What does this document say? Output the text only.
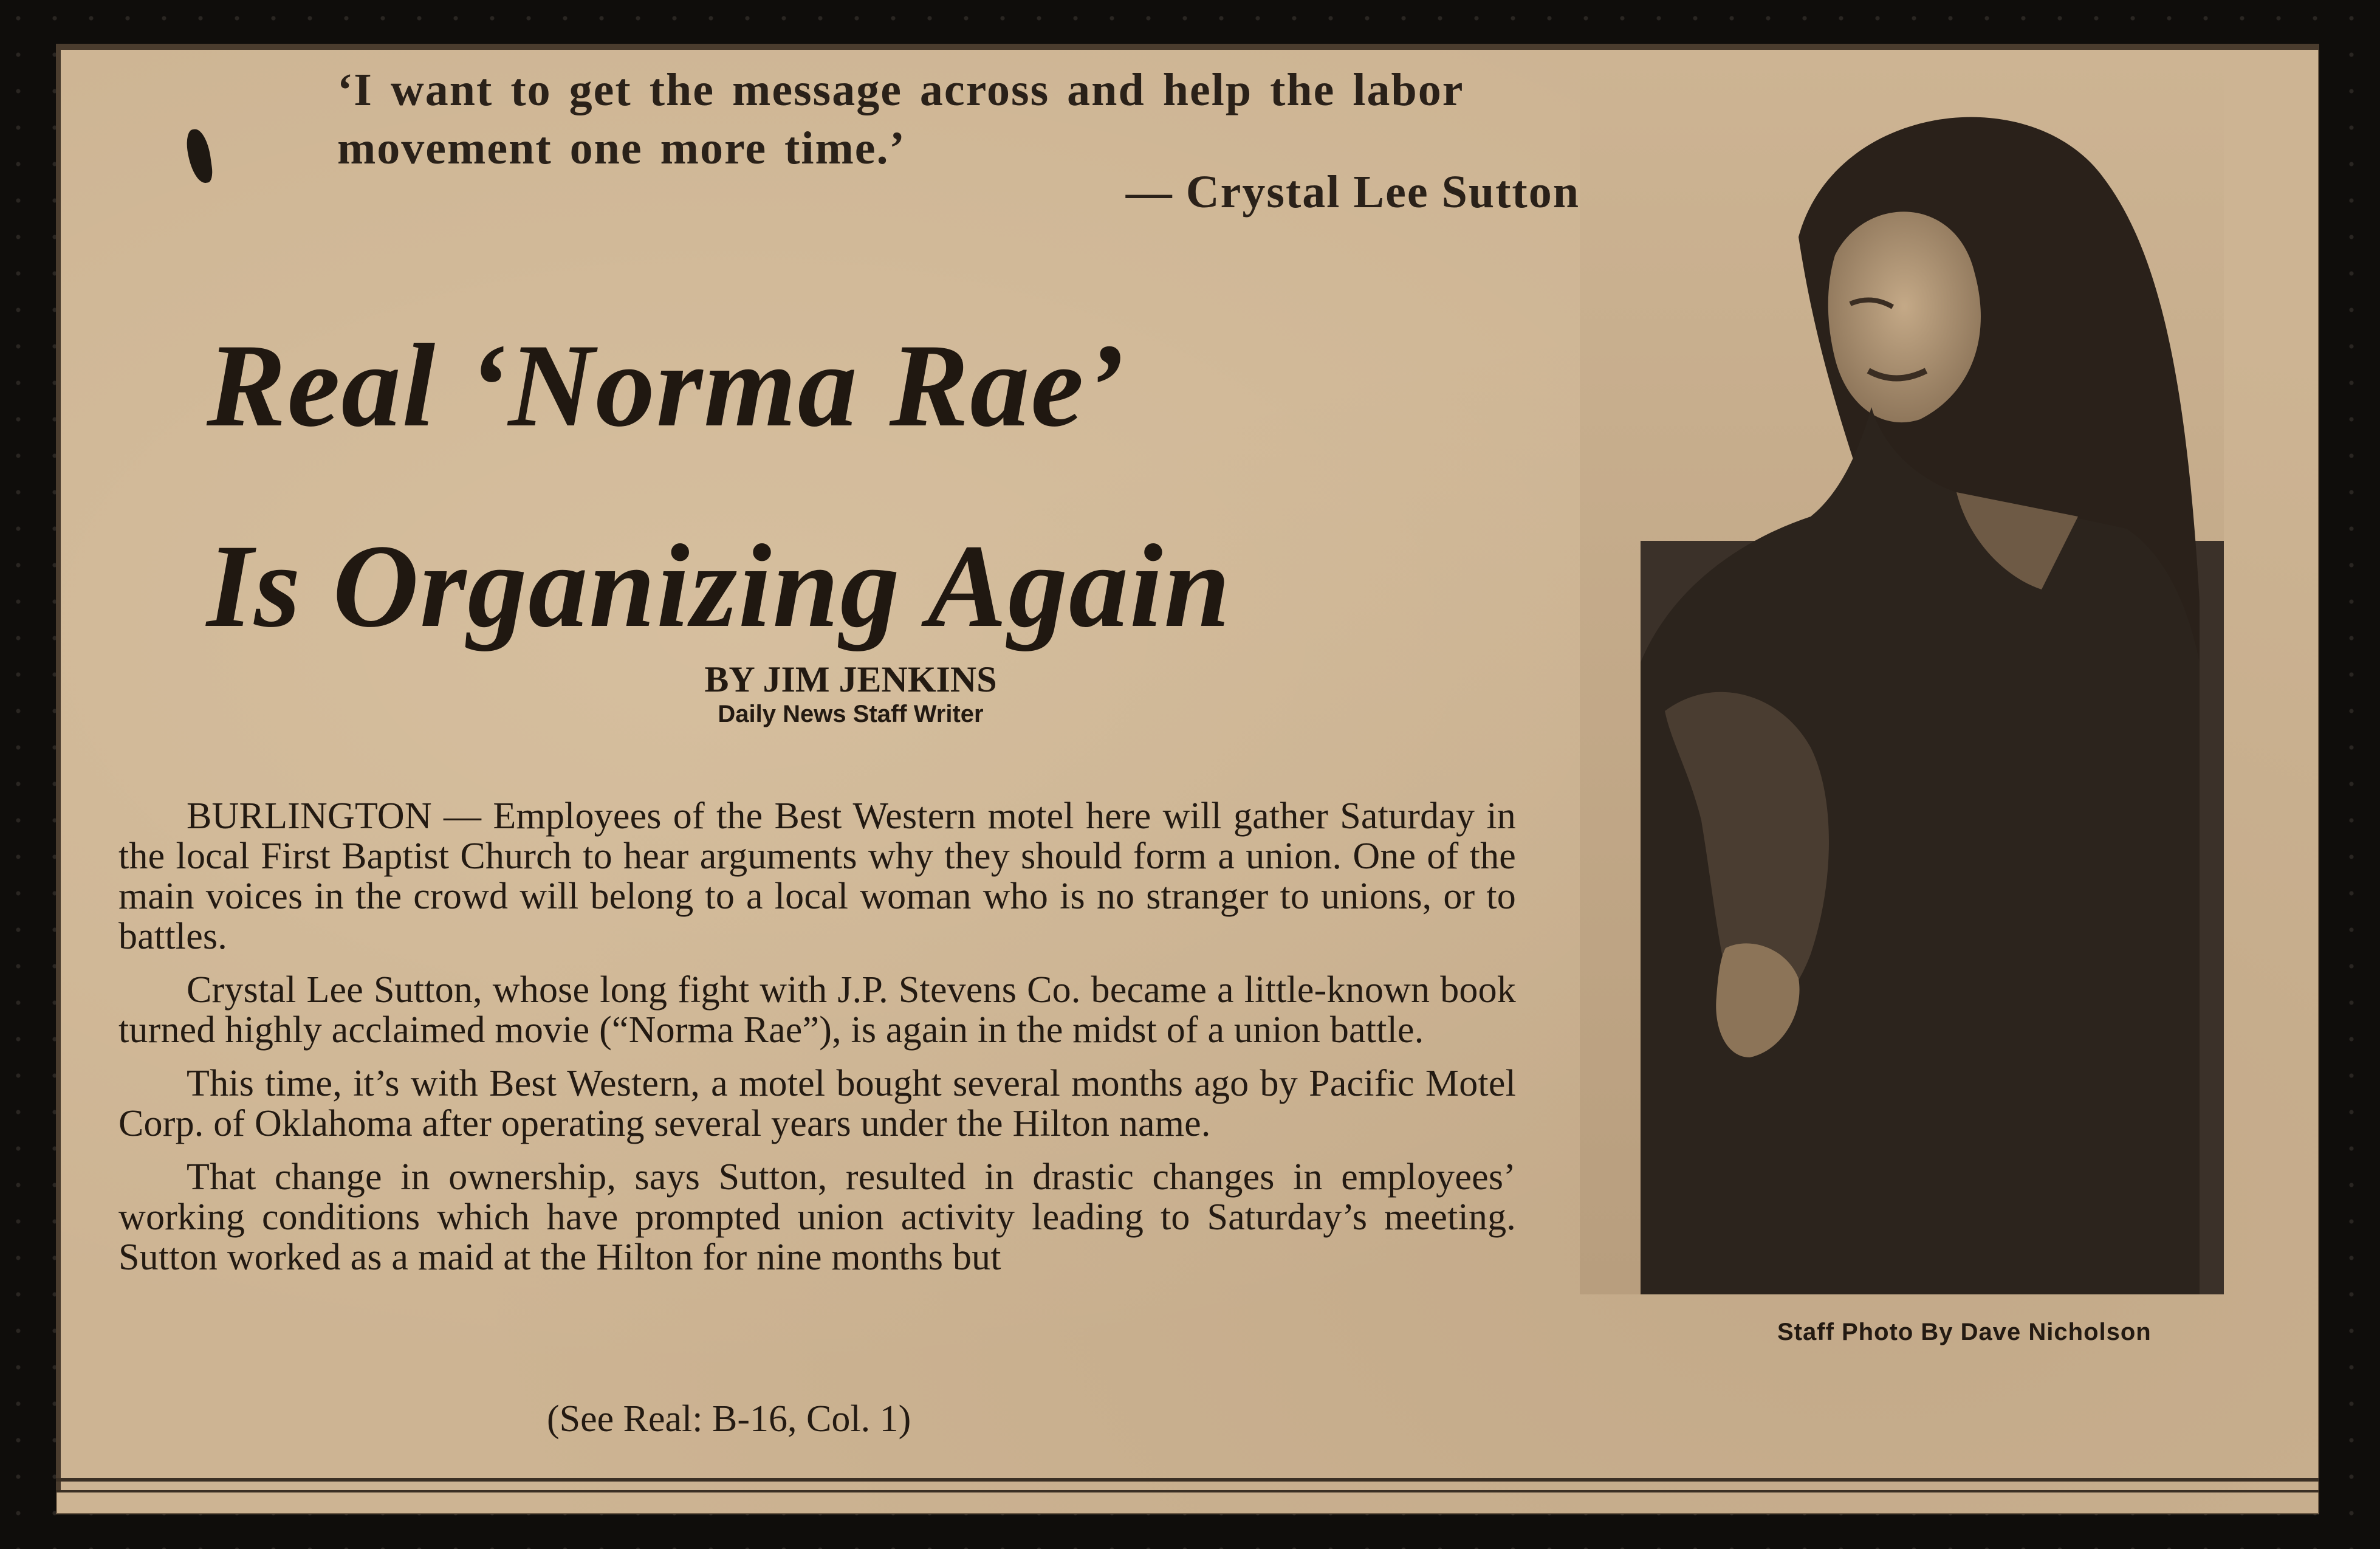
‘I want to get the message across and help the labor movement one more time.’
— Crystal Lee Sutton
Real ‘Norma Rae’
Is Organizing Again
BY JIM JENKINS
Daily News Staff Writer

BURLINGTON — Employees of the Best Western motel here will gather Saturday in the local First Baptist Church to hear arguments why they should form a union. One of the main voices in the crowd will belong to a local woman who is no stranger to unions, or to battles.

Crystal Lee Sutton, whose long fight with J.P. Stevens Co. became a little-known book turned highly acclaimed movie (“Norma Rae”), is again in the midst of a union battle.

This time, it’s with Best Western, a motel bought several months ago by Pacific Motel Corp. of Oklahoma after operating several years under the Hilton name.

That change in ownership, says Sutton, resulted in drastic changes in employees’ working conditions which have prompted union activity leading to Saturday’s meeting. Sutton worked as a maid at the Hilton for nine months but

(See Real: B-16, Col. 1)
Staff Photo By Dave Nicholson
